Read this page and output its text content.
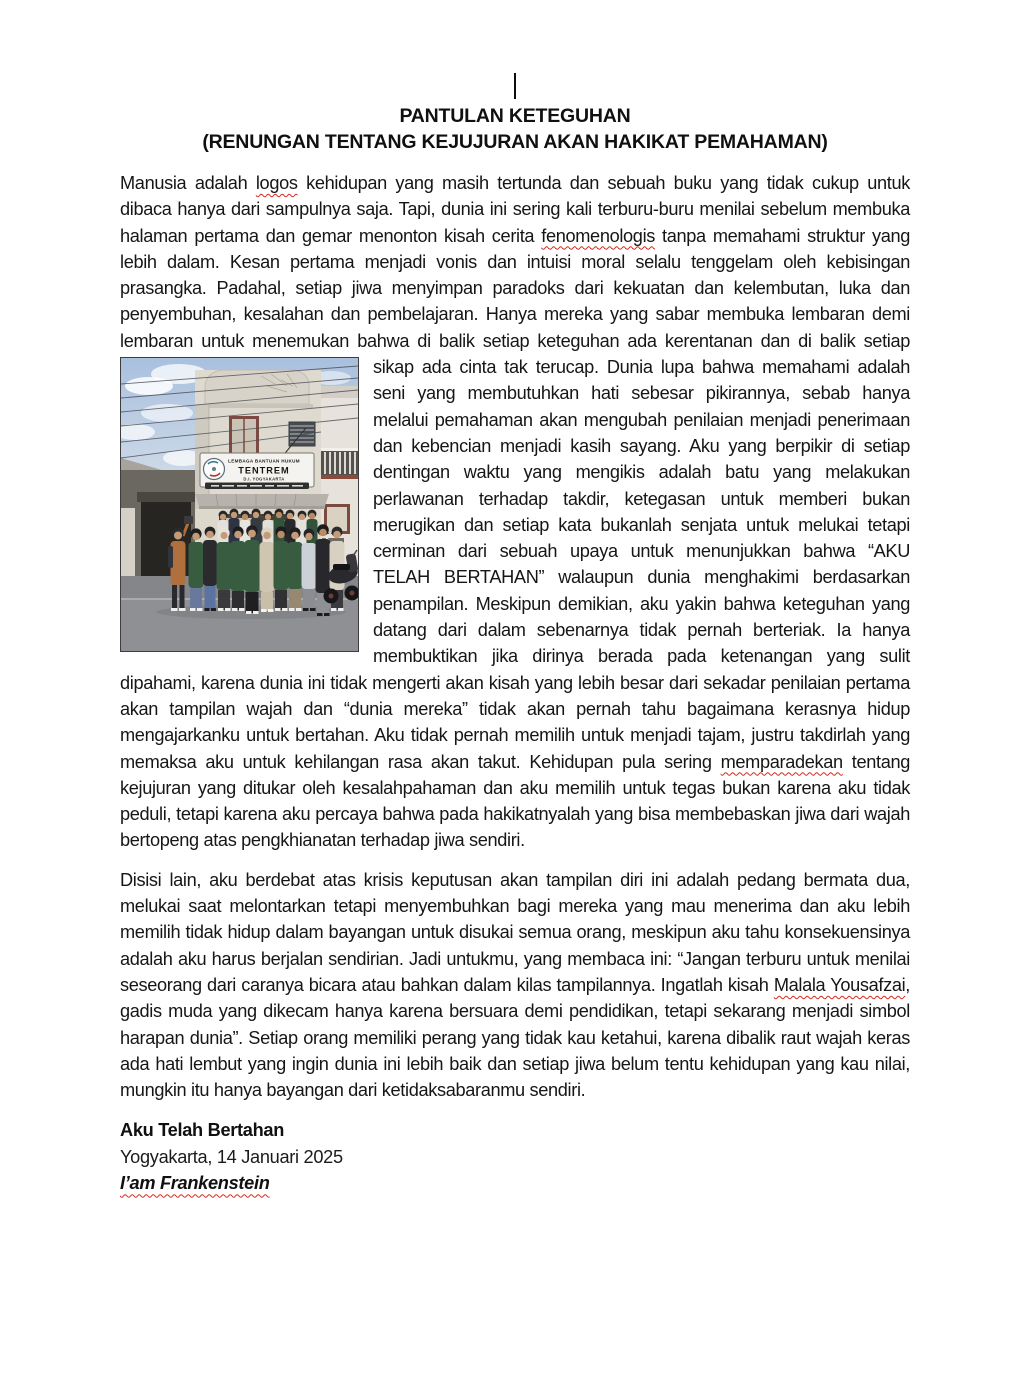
PANTULAN KETEGUHAN
(RENUNGAN TENTANG KEJUJURAN AKAN HAKIKAT PEMAHAMAN)

Manusia adalah logos kehidupan yang masih tertunda dan sebuah buku yang tidak cukup untuk dibaca hanya dari sampulnya saja. Tapi, dunia ini sering kali terburu-buru menilai sebelum membuka halaman pertama dan gemar menonton kisah cerita fenomenologis tanpa memahami struktur yang lebih dalam. Kesan pertama menjadi vonis dan intuisi moral selalu tenggelam oleh kebisingan prasangka. Padahal, setiap jiwa menyimpan paradoks dari kekuatan dan kelembutan, luka dan penyembuhan, kesalahan dan pembelajaran. Hanya mereka yang sabar membuka lembaran demi lembaran untuk menemukan bahwa di balik setiap keteguhan ada kerentanan dan
LEMBAGA BANTUAN HUKUM
TENTREM
D.I. YOGYAKARTA
di balik setiap sikap ada cinta tak terucap. Dunia lupa bahwa memahami adalah seni yang membutuhkan hati sebesar pikirannya, sebab hanya melalui pemahaman akan mengubah penilaian menjadi penerimaan dan kebencian menjadi kasih sayang. Aku yang berpikir di setiap dentingan waktu yang mengikis adalah batu yang melakukan perlawanan terhadap takdir, ketegasan untuk memberi bukan merugikan dan setiap kata bukanlah senjata untuk melukai tetapi cerminan dari sebuah upaya untuk menunjukkan bahwa “AKU TELAH BERTAHAN” walaupun dunia menghakimi berdasarkan penampilan. Meskipun demikian, aku yakin bahwa keteguhan yang datang dari dalam sebenarnya tidak pernah berteriak. Ia hanya membuktikan jika dirinya berada pada ketenangan yang sulit dipahami, karena dunia ini tidak mengerti akan kisah yang lebih besar dari sekadar penilaian pertama akan tampilan wajah dan “dunia mereka” tidak akan pernah tahu bagaimana kerasnya hidup mengajarkanku untuk bertahan. Aku tidak pernah memilih untuk menjadi tajam, justru takdirlah yang memaksa aku untuk kehilangan rasa akan takut. Kehidupan pula sering memparadekan tentang kejujuran yang ditukar oleh kesalahpahaman dan aku memilih untuk tegas bukan karena aku tidak peduli, tetapi karena aku percaya bahwa pada hakikatnyalah yang bisa membebaskan jiwa dari wajah bertopeng atas pengkhianatan terhadap jiwa sendiri.

Disisi lain, aku berdebat atas krisis keputusan akan tampilan diri ini adalah pedang bermata dua, melukai saat melontarkan tetapi menyembuhkan bagi mereka yang mau menerima dan aku lebih memilih tidak hidup dalam bayangan untuk disukai semua orang, meskipun aku tahu konsekuensinya adalah aku harus berjalan sendirian. Jadi untukmu, yang membaca ini: “Jangan terburu untuk menilai seseorang dari caranya bicara atau bahkan dalam kilas tampilannya. Ingatlah kisah Malala Yousafzai, gadis muda yang dikecam hanya karena bersuara demi pendidikan, tetapi sekarang menjadi simbol harapan dunia”. Setiap orang memiliki perang yang tidak kau ketahui, karena dibalik raut wajah keras ada hati lembut yang ingin dunia ini lebih baik dan setiap jiwa belum tentu kehidupan yang kau nilai, mungkin itu hanya bayangan dari ketidaksabaranmu sendiri.

Aku Telah Bertahan
Yogyakarta, 14 Januari 2025
I’am Frankenstein
